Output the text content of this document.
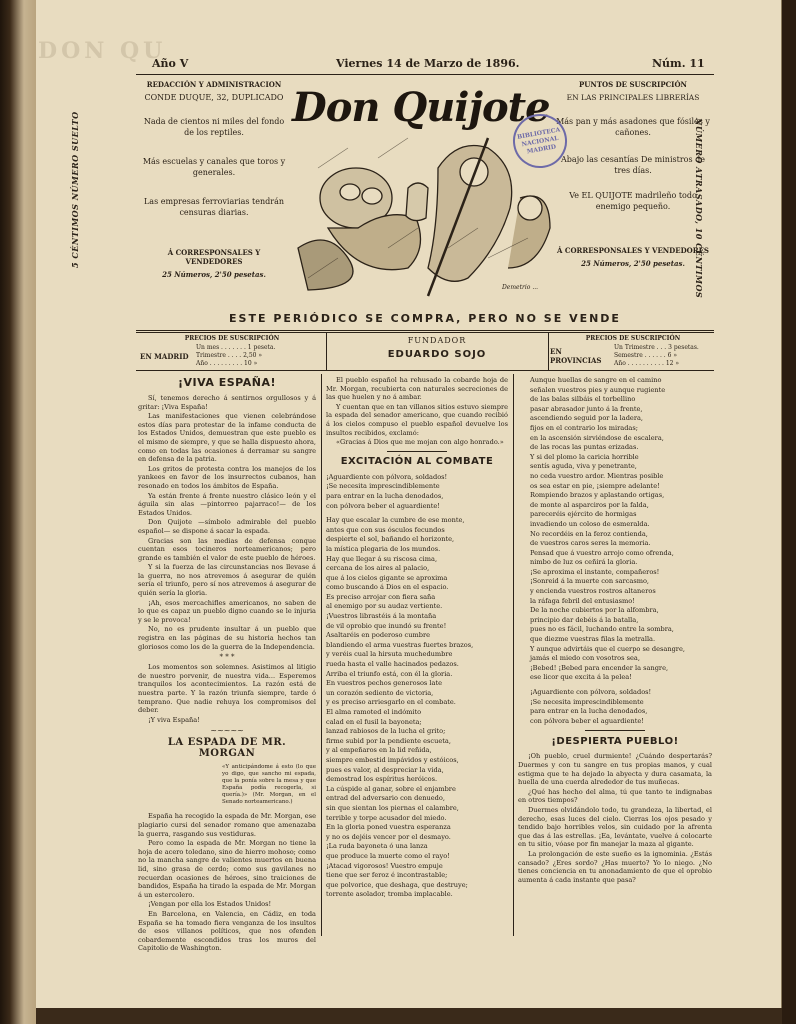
DON QU
Año V	Viernes 14 de Marzo de 1896.	Núm. 11
REDACCIÓN Y ADMINISTRACION
CONDE DUQUE, 32, DUPLICADO
Nada de cientos ni miles del fondo de los reptiles.
Más escuelas y canales que toros y generales.
Las empresas ferroviarias tendrán censuras diarias.
Á CORRESPONSALES Y VENDEDORES
25 Números, 2'50 pesetas.
5 CÉNTIMOS NÚMERO SUELTO
PUNTOS DE SUSCRIPCIÓN
EN LAS PRINCIPALES LIBRERÍAS
Más pan y más asadones que fósiles y cañones.
Abajo las cesantías De ministros de tres días.
Ve EL QUIJOTE madrileño todo enemigo pequeño.
Á CORRESPONSALES Y VENDEDORES
25 Números, 2'50 pesetas.	NÚMERO ATRASADO, 10 CÉNTIMOS
Don Quijote
Demetrio ...
BIBLIOTECA NACIONAL MADRID
ESTE PERIÓDICO SE COMPRA, PERO NO SE VENDE
PRECIOS DE SUSCRIPCIÓN
EN MADRID
Un mes . . . . . . . 1 peseta.
Trimestre . . . . 2,50 »
Año . . . . . . . . . 10 »
FUNDADOR
EDUARDO SOJO
PRECIOS DE SUSCRIPCIÓN
EN PROVINCIAS
Un Trimestre . . . 3 pesetas.
Semestre . . . . . . 6 »
Año . . . . . . . . . . 12 »
¡VIVA ESPAÑA!

Sí, tenemos derecho á sentirnos orgullosos y á gritar: ¡Viva España!

Las manifestaciones que vienen celebrándose estos días para protestar de la infame conducta de los Estados Unidos, demuestran que este pueblo es el mismo de siempre, y que se halla dispuesto ahora, como en todas las ocasiones á derramar su sangre en defensa de la patria.

Los gritos de protesta contra los manejos de los yankees en favor de los insurrectos cubanos, han resonado en todos los ámbitos de España.

Ya están frente á frente nuestro clásico león y el águila sin alas —pintorreo pajarraco!— de los Estados Unidos.

Don Quijote —símbolo admirable del pueblo español— se dispone á sacar la espada.

Gracias son las medias de defensa conque cuentan esos tocineros norteamericanos; pero grande es también el valor de este pueblo de héroes.

Y si la fuerza de las circunstancias nos llevase á la guerra, no nos atrevemos á asegurar de quién sería el triunfo, pero sí nos atrevemos á asegurar de quién sería la gloria.

¡Ah, esos mercachifles americanos, no saben de lo que es capaz un pueblo digno cuando se le injuria y se le provoca!

No, no es prudente insultar á un pueblo que registra en las páginas de su historia hechos tan gloriosos como los de la guerra de la Independencia.

* * *

Los momentos son solemnes. Asistimos al litigio de nuestro porvenir, de nuestra vida... Esperemos tranquilos los acontecimientos. La razón está de nuestra parte. Y la razón triunfa siempre, tarde ó temprano. Que nadie rehuya los compromisos del deber.

¡Y viva España!

~~~~~
LA ESPADA DE MR. MORGAN
«Y anticipándome á esto (lo que yo digo, que sancho mi espada, que la ponía sobre la mesa y que España podía recogerla, si quería.)» (Mr. Morgan, en el Senado norteamericano.)

España ha recogido la espada de Mr. Morgan, ese plagiario cursi del senador romano que amenazaba la guerra, rasgando sus vestiduras.

Pero como la espada de Mr. Morgan no tiene la hoja de acero toledano, sino de hierro mohoso; como no la mancha sangre de valientes muertos en buena lid, sino grasa de cerdo; como sus gavilanes no recuerdan ocasiones de héroes, sino traiciones de bandidos, España ha tirado la espada de Mr. Morgan á un estercolero.

¡Vengan por ella los Estados Unidos!

En Barcelona, en Valencia, en Cádiz, en toda España se ha tomado fiera venganza de los insultos de esos villanos políticos, que nos ofenden cobardemente escondidos tras los muros del Capitolio de Washington.

El pueblo español ha rehusado la cobarde hoja de Mr. Morgan, recubierta con naturales secreciones de las que huelen y no á ambar.

Y cuentan que en tan villanos sitios estuvo siempre la espada del senador americano, que cuando recibió á los cielos compuso el pueblo español devuelve los insultos recibidos, exclamó:

«Gracias á Dios que me mojan con algo honrado.»

EXCITACIÓN AL COMBATE

¡Aguardiente con pólvora, soldados!

¡Se necesita imprescindiblemente

para entrar en la lucha denodados,

con pólvora beber el aguardiente!

Hay que escalar la cumbre de ese monte,

antes que con sus ósculos fecundos

despierte el sol, bañando el horizonte,

la mística plegaria de los mundos.

Hay que llegar á su riscosa cima,

cercana de los aires al palacio,

que á los cielos gigante se aproxima

como buscando á Dios en el espacio.

Es preciso arrojar con fiera saña

al enemigo por su audaz vertiente.

¡Vuestros librastéis á la montaña

de vil oprobio que inundó su frente!

Asaltaréis en poderoso cumbre

blandiendo el arma vuestras fuertes brazos,

y veréis cual la hirsuta muchedumbre

rueda hasta el valle hacinados pedazos.

Arriba el triunfo está, con él la gloria.

En vuestros pechos generosos late

un corazón sediento de victoria,

y es preciso arriesgarlo en el combate.

El alma ramoted el indómito

calad en el fusil la bayoneta;

lanzad rabiosos de la lucha el grito;

firme subid por la pendiente escueta,

y al empeñaros en la lid reñida,

siempre embestid impávidos y estóicos,

pues es valor, al despreciar la vida,

demostrad los espíritus heróicos.

La cúspide al ganar, sobre el enjambre

entrad del adversario con denuedo,

sin que sientan los piernas el calambre,

terrible y torpe acusador del miedo.

En la gloria poned vuestra esperanza

y no os dejéis vencer por el desmayo.

¡La ruda bayoneta ó una lanza

que produce la muerte como el rayo!

¡Atacad vigorosos! Vuestro empuje

tiene que ser feroz é incontrastable;

que polvorice, que deshaga, que destruye;

torrente asolador, tromba implacable.

Aunque huellas de sangre en el camino

señalen vuestros pies y aunque rugiente

de las balas silbáis el torbellino

pasar abrasador junto á la frente,

ascendiendo seguid por la ladera,

fijos en el contrario los miradas;

en la ascensión sirviéndose de escalera,

de las rocas las puntas erizadas.

Y si del plomo la caricia horrible

sentís aguda, viva y penetrante,

no ceda vuestro ardor. Mientras posible

os sea estar en pie, ¡siempre adelante!

Rompiendo brazos y aplastando ortigas,

de monte al asparciros por la falda,

pareceréis ejército de hormigas

invadiendo un coloso de esmeralda.

No recordéis en la feroz contienda,

de vuestros caros seres la memoria.

Pensad que á vuestro arrojo como ofrenda,

nimbo de luz os ceñirá la gloria.

¡Se aproxima el instante, compañeros!

¡Sonreid á la muerte con sarcasmo,

y encienda vuestros rostros altaneros

la ráfaga febril del entusiasmo!

De la noche cubiertos por la alfombra,

principio dar debéis á la batalla,

pues no es fácil, luchando entre la sombra,

que diezme vuestras filas la metralla.

Y aunque advirtáis que el cuerpo se desangre,

jamás el miedo con vosotros sea,

¡Bebed! ¡Bebed para encender la sangre,

ese licor que excita á la pelea!

¡Aguardiente con pólvora, soldados!

¡Se necesita imprescindiblemente

para entrar en la lucha denodados,

con pólvora beber el aguardiente!

¡DESPIERTA PUEBLO!

¡Oh pueblo, cruel durmiente! ¿Cuándo despertarás? Duermes y con tu sangre en tus propias manos, y cual estigma que te ha dejado la abyecta y dura casamata, la huella de una cuerda alrededor de tus muñecas.

¿Qué has hecho del alma, tú que tanto te indignabas en otros tiempos?

Duermes olvidándolo todo, tu grandeza, la libertad, el derecho, esas luces del cielo. Cierras los ojos pesado y tendido bajo horribles velos, sin cuidado por la afrenta que das á las estrellas. ¡Ea, levántate, vuelve á colocarte en tu sitio, vóase por fin manejar la maza al gigante.

La prolongación de este sueño es la ignominia. ¿Estás cansado? ¿Eres sordo? ¿Has muerto? Yo lo niego. ¿No tienes conciencia en tu anonadamiento de que el oprobio aumenta á cada instante que pasa?
